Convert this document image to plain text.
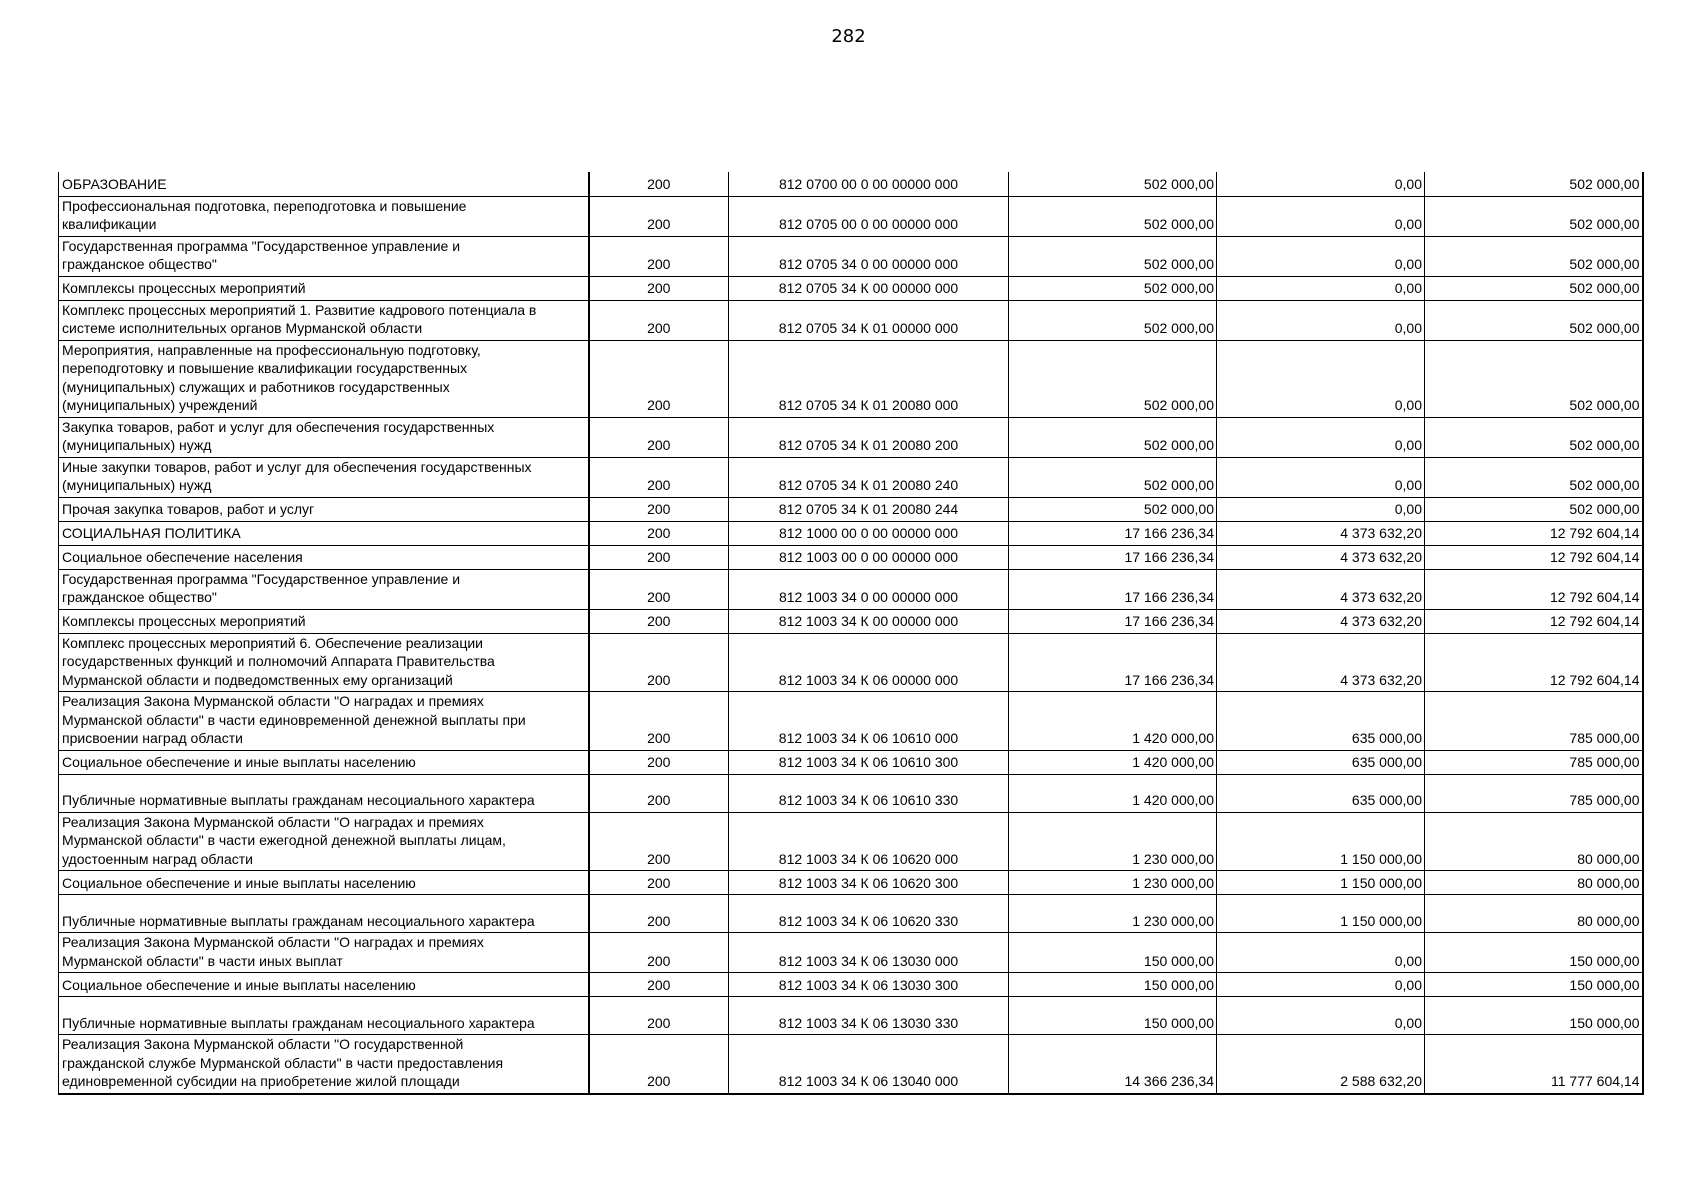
282
ОБРАЗОВАНИЕ	200	812 0700 00 0 00 00000 000	502 000,00	0,00	502 000,00
Профессиональная подготовка, переподготовка и повышение
квалификации	200	812 0705 00 0 00 00000 000	502 000,00	0,00	502 000,00
Государственная программа "Государственное управление и
гражданское общество"	200	812 0705 34 0 00 00000 000	502 000,00	0,00	502 000,00
Комплексы процессных мероприятий	200	812 0705 34 К 00 00000 000	502 000,00	0,00	502 000,00
Комплекс процессных мероприятий 1. Развитие кадрового потенциала в
системе исполнительных органов Мурманской области	200	812 0705 34 К 01 00000 000	502 000,00	0,00	502 000,00
Мероприятия, направленные на профессиональную подготовку,
переподготовку и повышение квалификации государственных
(муниципальных) служащих и работников государственных
(муниципальных) учреждений	200	812 0705 34 К 01 20080 000	502 000,00	0,00	502 000,00
Закупка товаров, работ и услуг для обеспечения государственных
(муниципальных) нужд	200	812 0705 34 К 01 20080 200	502 000,00	0,00	502 000,00
Иные закупки товаров, работ и услуг для обеспечения государственных
(муниципальных) нужд	200	812 0705 34 К 01 20080 240	502 000,00	0,00	502 000,00
Прочая закупка товаров, работ и услуг	200	812 0705 34 К 01 20080 244	502 000,00	0,00	502 000,00
СОЦИАЛЬНАЯ ПОЛИТИКА	200	812 1000 00 0 00 00000 000	17 166 236,34	4 373 632,20	12 792 604,14
Социальное обеспечение населения	200	812 1003 00 0 00 00000 000	17 166 236,34	4 373 632,20	12 792 604,14
Государственная программа "Государственное управление и
гражданское общество"	200	812 1003 34 0 00 00000 000	17 166 236,34	4 373 632,20	12 792 604,14
Комплексы процессных мероприятий	200	812 1003 34 К 00 00000 000	17 166 236,34	4 373 632,20	12 792 604,14
Комплекс процессных мероприятий 6. Обеспечение реализации
государственных функций и полномочий Аппарата Правительства
Мурманской области и подведомственных ему организаций	200	812 1003 34 К 06 00000 000	17 166 236,34	4 373 632,20	12 792 604,14
Реализация Закона Мурманской области "О наградах и премиях
Мурманской области" в части единовременной денежной выплаты при
присвоении наград области	200	812 1003 34 К 06 10610 000	1 420 000,00	635 000,00	785 000,00
Социальное обеспечение и иные выплаты населению	200	812 1003 34 К 06 10610 300	1 420 000,00	635 000,00	785 000,00
Публичные нормативные выплаты гражданам несоциального характера	200	812 1003 34 К 06 10610 330	1 420 000,00	635 000,00	785 000,00
Реализация Закона Мурманской области "О наградах и премиях
Мурманской области" в части ежегодной денежной выплаты лицам,
удостоенным наград области	200	812 1003 34 К 06 10620 000	1 230 000,00	1 150 000,00	80 000,00
Социальное обеспечение и иные выплаты населению	200	812 1003 34 К 06 10620 300	1 230 000,00	1 150 000,00	80 000,00
Публичные нормативные выплаты гражданам несоциального характера	200	812 1003 34 К 06 10620 330	1 230 000,00	1 150 000,00	80 000,00
Реализация Закона Мурманской области "О наградах и премиях
Мурманской области" в части иных выплат	200	812 1003 34 К 06 13030 000	150 000,00	0,00	150 000,00
Социальное обеспечение и иные выплаты населению	200	812 1003 34 К 06 13030 300	150 000,00	0,00	150 000,00
Публичные нормативные выплаты гражданам несоциального характера	200	812 1003 34 К 06 13030 330	150 000,00	0,00	150 000,00
Реализация Закона Мурманской области "О государственной
гражданской службе Мурманской области" в части предоставления
единовременной субсидии на приобретение жилой площади	200	812 1003 34 К 06 13040 000	14 366 236,34	2 588 632,20	11 777 604,14
